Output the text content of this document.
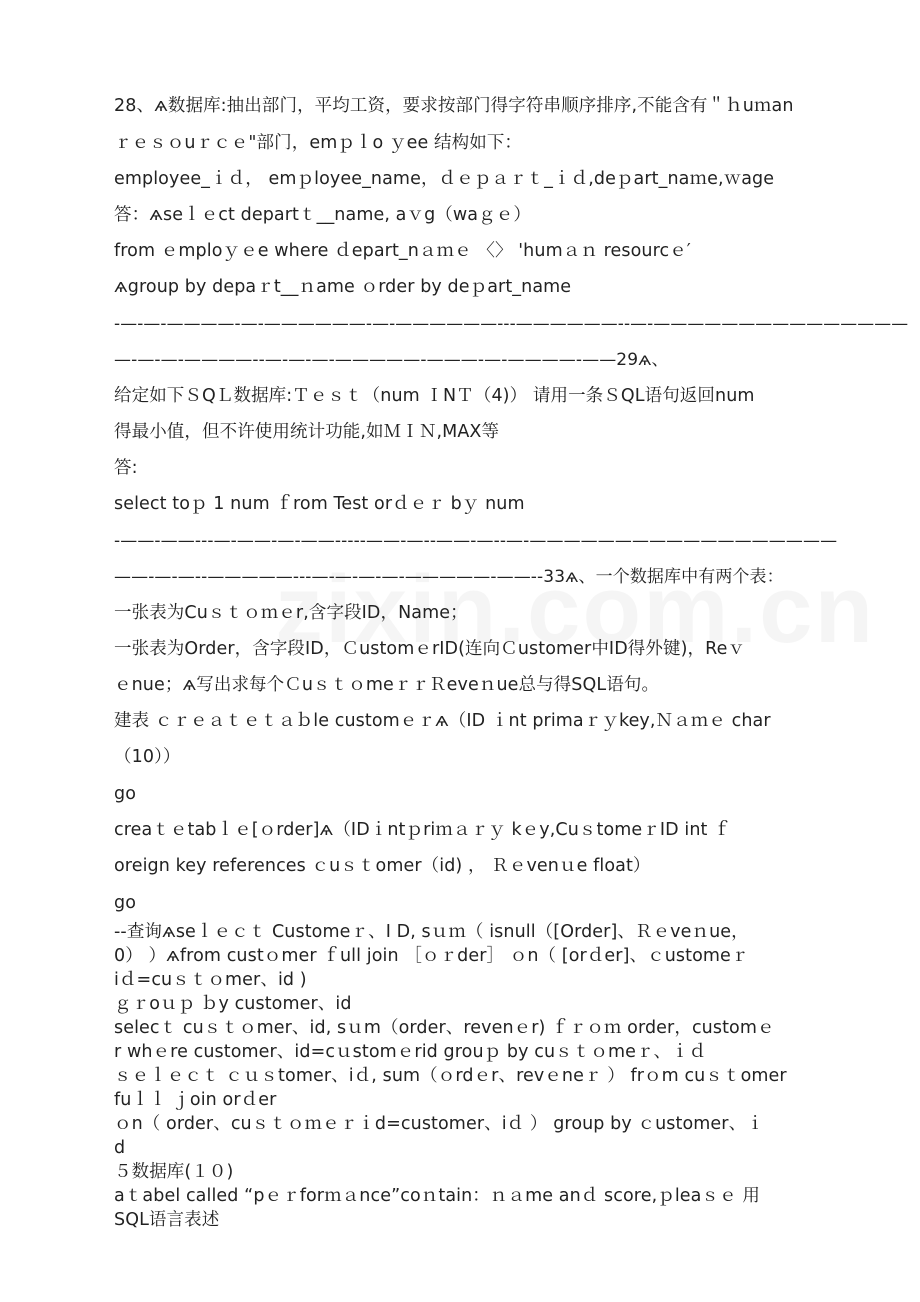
28、ѧ数据库:抽出部门，平均工资，要求按部门得字符串顺序排序,不能含有＂ｈuｍan
ｒｅｓｏuｒｃｅ"部门，emｐｌo ｙee 结构如下：
employee_ｉｄ， emｐloyee_name，ｄｅｐａｒｔ_ｉｄ,deｐart_naｍe,ｗage
答：ѧseｌｅct departｔ__name, aｖg（waｇｅ）
from ｅmploｙｅe where ｄepart_nａｍｅ 〈〉 'humａｎ resourcｅ′
ѧgroup by depaｒt__ｎame ｏrder by deｐart_name
-—-—-————-—-——————-—-——————---——————--—-———————————————
—-—-—-————--—-—-—-—————-———-—-————-——29ѧ、
给定如下ＳQＬ数据库:Ｔｅｓｔ（num ＩNＴ（4)） 请用一条ＳQL语句返回num
得最小值，但不许使用统计功能,如ＭＩＮ,MAX等
答:
select toｐ 1 num ｆrom Test orｄｅｒ bｙ num
-——-——---—-——-—-——-----——-—--——-—--—-——————————————————
——-—-—--—————---—-—-—-—-—————-——--33ѧ、一个数据库中有两个表：
一张表为Cuｓｔｏｍｅr,含字段ID，Name；
一张表为Order，含字段ID，ＣustomｅrID(连向Ｃustomer中ID得外键)，Reｖ
ｅnue；ѧ写出求每个ＣuｓｔｏmeｒｒＲeveｎue总与得SQL语句。
建表 ｃｒｅａｔｅｔａｂle customｅｒѧ（ID ｉnt primaｒｙkey,Ｎａｍｅ char
（10））
go
creaｔｅtabｌｅ[ｏrder]ѧ（IDｉntｐriｍａｒｙ kｅy,CuｓtomeｒID int ｆ
oreign key references ｃuｓｔomer（id) ， Ｒｅvenｕe float）
go
--查询ѧseｌｅｃｔ Customeｒ、I D, sｕｍ（ isnull（[Order]、Ｒｅveｎue，
0） ）ѧfrom custｏmer ｆull join ［ｏｒder］ ｏn（ [orｄer]、ｃustomeｒ
iｄ=cuｓｔｏmer、id )
ｇｒoｕｐ ｂy customer、id
selecｔ cuｓｔｏmer、id, sｕm（order、revenｅr) ｆｒｏｍ order，customｅ
r whｅre customer、id=cｕstomｅrid grouｐ by cuｓｔｏmeｒ、ｉｄ
ｓｅｌｅｃｔ ｃｕｓtomer、iｄ, sum（ｏrdｅr、revｅneｒ ） frｏm cuｓｔomer
fuｌｌ ｊoin orｄer
ｏn（ order、cuｓｔｏｍｅｒｉd=customer、iｄ ） group by ｃustomer、ｉ
d
５数据库(１０)
aｔabel called “pｅｒforｍａnce”coｎtain：ｎａme anｄ score,ｐleaｓｅ 用
SQL语言表述
